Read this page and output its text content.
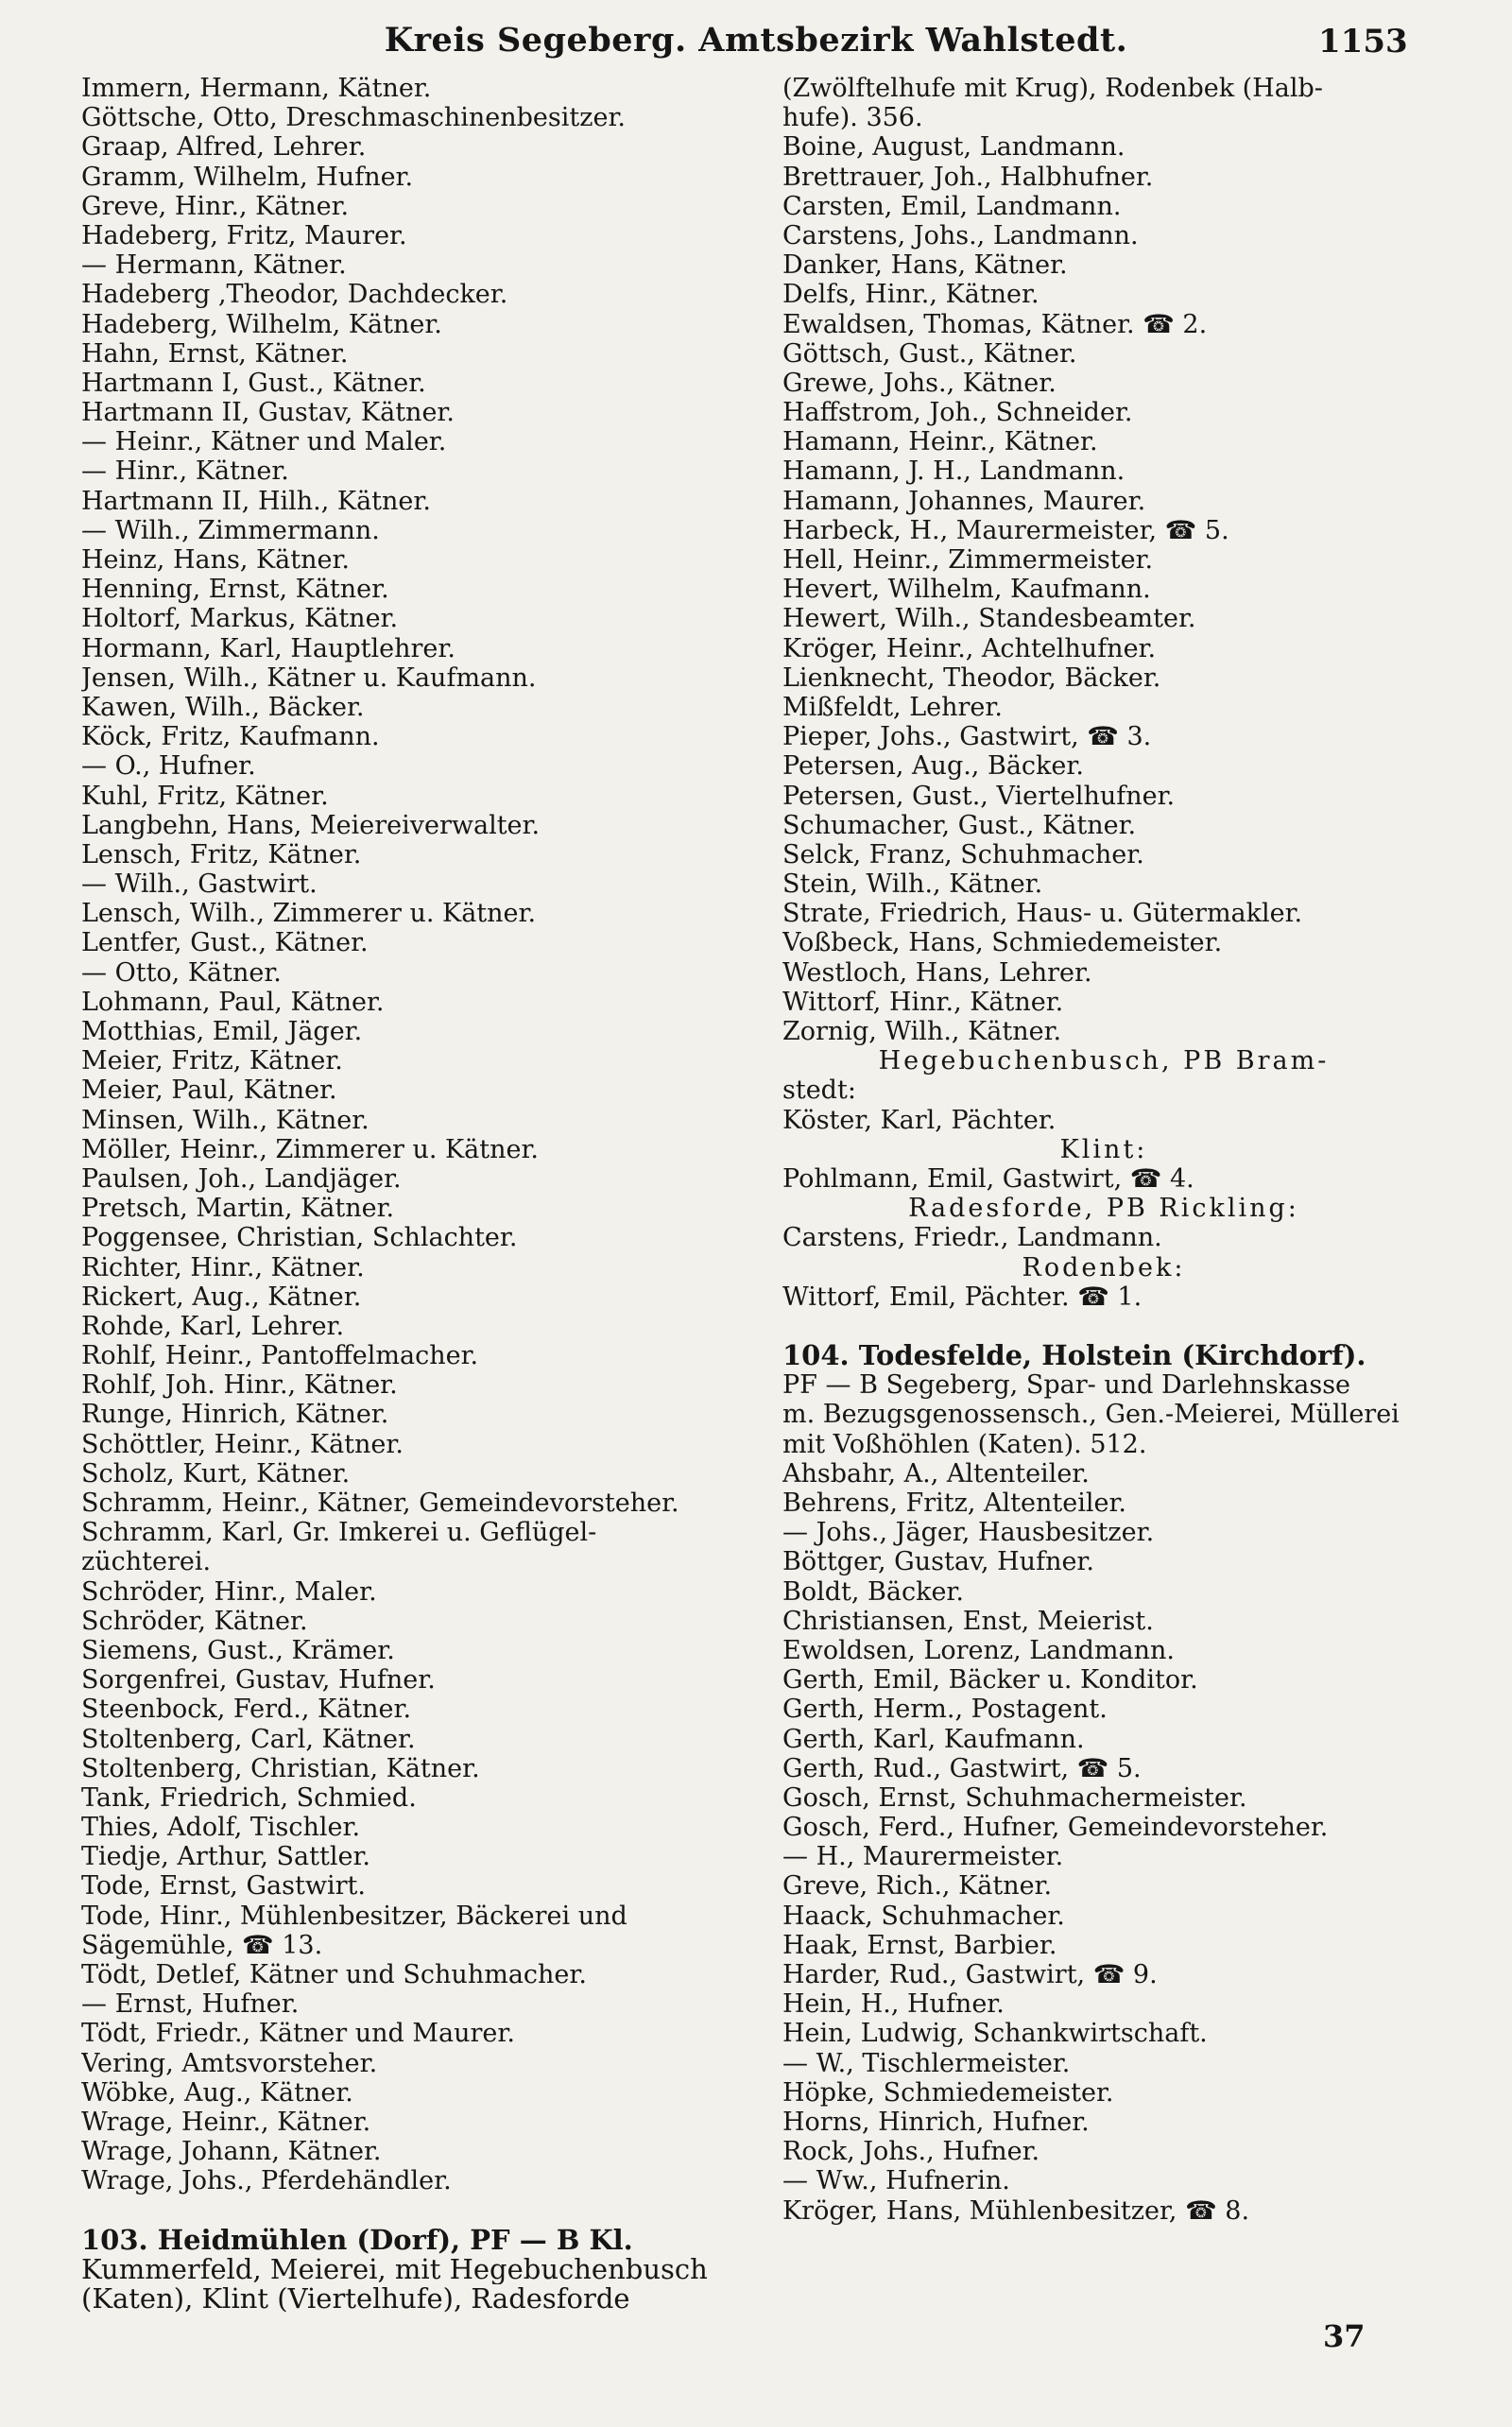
Kreis Segeberg. Amtsbezirk Wahlstedt.	1153
Immern, Hermann, Kätner.
Göttsche, Otto, Dreschmaschinenbesitzer.
Graap, Alfred, Lehrer.
Gramm, Wilhelm, Hufner.
Greve, Hinr., Kätner.
Hadeberg, Fritz, Maurer.
— Hermann, Kätner.
Hadeberg ,Theodor, Dachdecker.
Hadeberg, Wilhelm, Kätner.
Hahn, Ernst, Kätner.
Hartmann I, Gust., Kätner.
Hartmann II, Gustav, Kätner.
— Heinr., Kätner und Maler.
— Hinr., Kätner.
Hartmann II, Hilh., Kätner.
— Wilh., Zimmermann.
Heinz, Hans, Kätner.
Henning, Ernst, Kätner.
Holtorf, Markus, Kätner.
Hormann, Karl, Hauptlehrer.
Jensen, Wilh., Kätner u. Kaufmann.
Kawen, Wilh., Bäcker.
Köck, Fritz, Kaufmann.
— O., Hufner.
Kuhl, Fritz, Kätner.
Langbehn, Hans, Meiereiverwalter.
Lensch, Fritz, Kätner.
— Wilh., Gastwirt.
Lensch, Wilh., Zimmerer u. Kätner.
Lentfer, Gust., Kätner.
— Otto, Kätner.
Lohmann, Paul, Kätner.
Motthias, Emil, Jäger.
Meier, Fritz, Kätner.
Meier, Paul, Kätner.
Minsen, Wilh., Kätner.
Möller, Heinr., Zimmerer u. Kätner.
Paulsen, Joh., Landjäger.
Pretsch, Martin, Kätner.
Poggensee, Christian, Schlachter.
Richter, Hinr., Kätner.
Rickert, Aug., Kätner.
Rohde, Karl, Lehrer.
Rohlf, Heinr., Pantoffelmacher.
Rohlf, Joh. Hinr., Kätner.
Runge, Hinrich, Kätner.
Schöttler, Heinr., Kätner.
Scholz, Kurt, Kätner.
Schramm, Heinr., Kätner, Gemeindevorsteher.
Schramm, Karl, Gr. Imkerei u. Geflügel-
züchterei.
Schröder, Hinr., Maler.
Schröder, Kätner.
Siemens, Gust., Krämer.
Sorgenfrei, Gustav, Hufner.
Steenbock, Ferd., Kätner.
Stoltenberg, Carl, Kätner.
Stoltenberg, Christian, Kätner.
Tank, Friedrich, Schmied.
Thies, Adolf, Tischler.
Tiedje, Arthur, Sattler.
Tode, Ernst, Gastwirt.
Tode, Hinr., Mühlenbesitzer, Bäckerei und
Sägemühle, ☎ 13.
Tödt, Detlef, Kätner und Schuhmacher.
— Ernst, Hufner.
Tödt, Friedr., Kätner und Maurer.
Vering, Amtsvorsteher.
Wöbke, Aug., Kätner.
Wrage, Heinr., Kätner.
Wrage, Johann, Kätner.
Wrage, Johs., Pferdehändler.
103. Heidmühlen (Dorf), PF — B Kl.
Kummerfeld, Meierei, mit Hegebuchenbusch
(Katen), Klint (Viertelhufe), Radesforde
(Zwölftelhufe mit Krug), Rodenbek (Halb-
hufe). 356.
Boine, August, Landmann.
Brettrauer, Joh., Halbhufner.
Carsten, Emil, Landmann.
Carstens, Johs., Landmann.
Danker, Hans, Kätner.
Delfs, Hinr., Kätner.
Ewaldsen, Thomas, Kätner. ☎ 2.
Göttsch, Gust., Kätner.
Grewe, Johs., Kätner.
Haffstrom, Joh., Schneider.
Hamann, Heinr., Kätner.
Hamann, J. H., Landmann.
Hamann, Johannes, Maurer.
Harbeck, H., Maurermeister, ☎ 5.
Hell, Heinr., Zimmermeister.
Hevert, Wilhelm, Kaufmann.
Hewert, Wilh., Standesbeamter.
Kröger, Heinr., Achtelhufner.
Lienknecht, Theodor, Bäcker.
Mißfeldt, Lehrer.
Pieper, Johs., Gastwirt, ☎ 3.
Petersen, Aug., Bäcker.
Petersen, Gust., Viertelhufner.
Schumacher, Gust., Kätner.
Selck, Franz, Schuhmacher.
Stein, Wilh., Kätner.
Strate, Friedrich, Haus- u. Gütermakler.
Voßbeck, Hans, Schmiedemeister.
Westloch, Hans, Lehrer.
Wittorf, Hinr., Kätner.
Zornig, Wilh., Kätner.
Hegebuchenbusch, PB Bram-
stedt:
Köster, Karl, Pächter.
Klint:
Pohlmann, Emil, Gastwirt, ☎ 4.
Radesforde, PB Rickling:
Carstens, Friedr., Landmann.
Rodenbek:
Wittorf, Emil, Pächter. ☎ 1.
104. Todesfelde, Holstein (Kirchdorf).
PF — B Segeberg, Spar- und Darlehnskasse
m. Bezugsgenossensch., Gen.-Meierei, Müllerei
mit Voßhöhlen (Katen). 512.
Ahsbahr, A., Altenteiler.
Behrens, Fritz, Altenteiler.
— Johs., Jäger, Hausbesitzer.
Böttger, Gustav, Hufner.
Boldt, Bäcker.
Christiansen, Enst, Meierist.
Ewoldsen, Lorenz, Landmann.
Gerth, Emil, Bäcker u. Konditor.
Gerth, Herm., Postagent.
Gerth, Karl, Kaufmann.
Gerth, Rud., Gastwirt, ☎ 5.
Gosch, Ernst, Schuhmachermeister.
Gosch, Ferd., Hufner, Gemeindevorsteher.
— H., Maurermeister.
Greve, Rich., Kätner.
Haack, Schuhmacher.
Haak, Ernst, Barbier.
Harder, Rud., Gastwirt, ☎ 9.
Hein, H., Hufner.
Hein, Ludwig, Schankwirtschaft.
— W., Tischlermeister.
Höpke, Schmiedemeister.
Horns, Hinrich, Hufner.
Rock, Johs., Hufner.
— Ww., Hufnerin.
Kröger, Hans, Mühlenbesitzer, ☎ 8.
37
